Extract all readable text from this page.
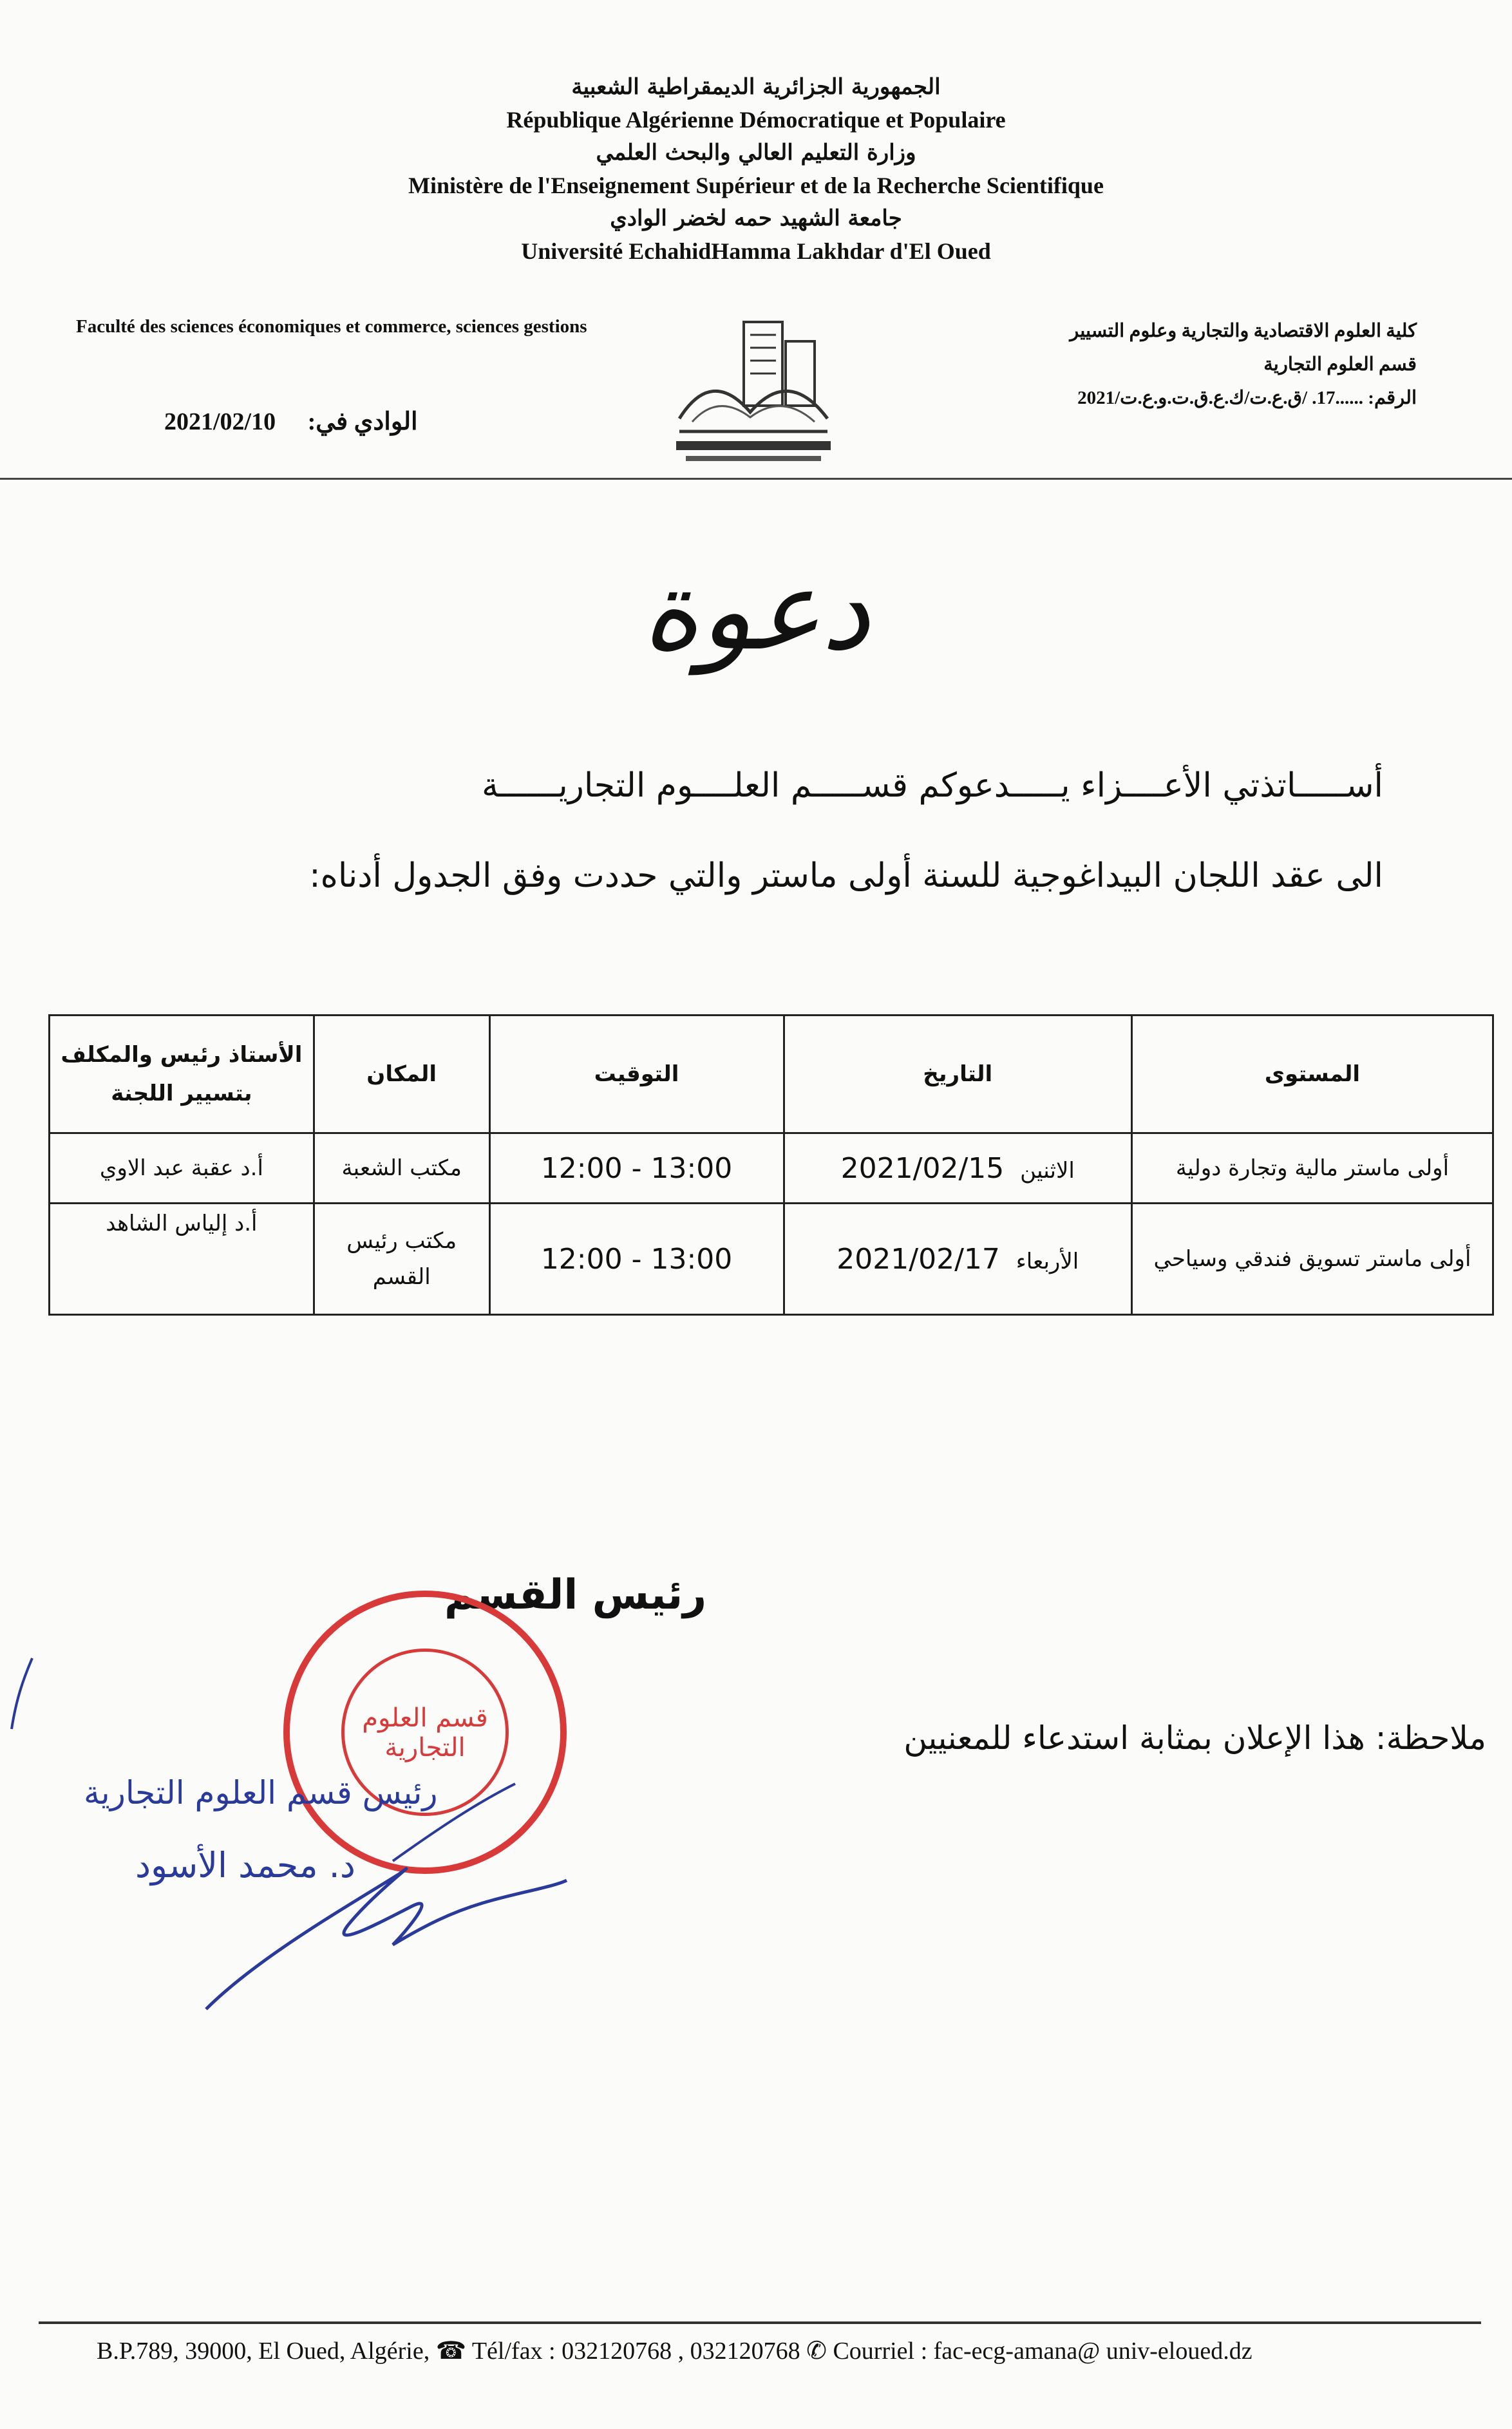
الجمهورية الجزائرية الديمقراطية الشعبية
République Algérienne Démocratique et Populaire
وزارة التعليم العالي والبحث العلمي
Ministère de l'Enseignement Supérieur et de la Recherche Scientifique
جامعة الشهيد حمه لخضر الوادي
Université EchahidHamma Lakhdar d'El Oued
Faculté des sciences économiques et commerce, sciences gestions
2021/02/10 الوادي في:
كلية العلوم الاقتصادية والتجارية وعلوم التسيير
قسم العلوم التجارية
الرقم: ......17. /ق.ع.ت/ك.ع.ق.ت.و.ع.ت/2021
دعوة
أســـــاتذتي الأعــــزاء يـــــدعوكم قســـــم العلــــوم التجاريــــــة
الى عقد اللجان البيداغوجية للسنة أولى ماستر والتي حددت وفق الجدول أدناه:
المستوى	التاريخ	التوقيت	المكان	الأستاذ رئيس والمكلف بتسيير اللجنة
أولى ماستر مالية وتجارة دولية	الاثنين 2021/02/15	12:00 - 13:00	مكتب الشعبة	أ.د عقبة عبد الاوي
أولى ماستر تسويق فندقي وسياحي	الأربعاء 2021/02/17	12:00 - 13:00	مكتب رئيس القسم	أ.د إلياس الشاهد
رئيس القسم
قسم العلوم التجارية
رئيس قسم العلوم التجارية
د. محمد الأسود
ملاحظة: هذا الإعلان بمثابة استدعاء للمعنيين
B.P.789, 39000, El Oued, Algérie, ☎ Tél/fax : 032120768 , 032120768 ✆ Courriel : fac-ecg-amana@ univ-eloued.dz
